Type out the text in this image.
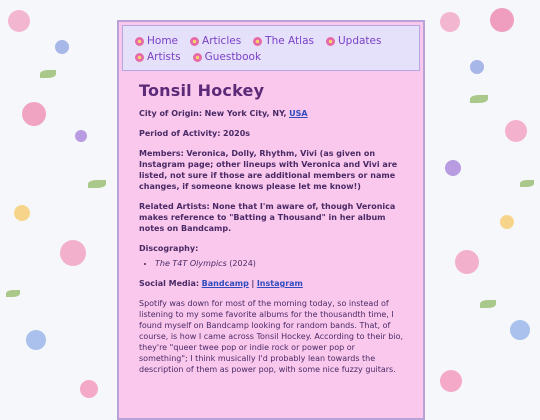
Home Articles The Atlas Updates
Artists Guestbook
Tonsil Hockey

City of Origin: New York City, NY, USA

Period of Activity: 2020s

Members: Veronica, Dolly, Rhythm, Vivi (as given on Instagram page; other lineups with Veronica and Vivi are listed, not sure if those are additional members or name changes, if someone knows please let me know!)

Related Artists: None that I'm aware of, though Veronica makes reference to "Batting a Thousand" in her album notes on Bandcamp.

Discography:

• The T4T Olympics (2024)

Social Media: Bandcamp | Instagram

Spotify was down for most of the morning today, so instead of listening to my some favorite albums for the thousandth time, I found myself on Bandcamp looking for random bands. That, of course, is how I came across Tonsil Hockey. According to their bio, they're "queer twee pop or indie rock or power pop or something"; I think musically I'd probably lean towards the description of them as power pop, with some nice fuzzy guitars.
